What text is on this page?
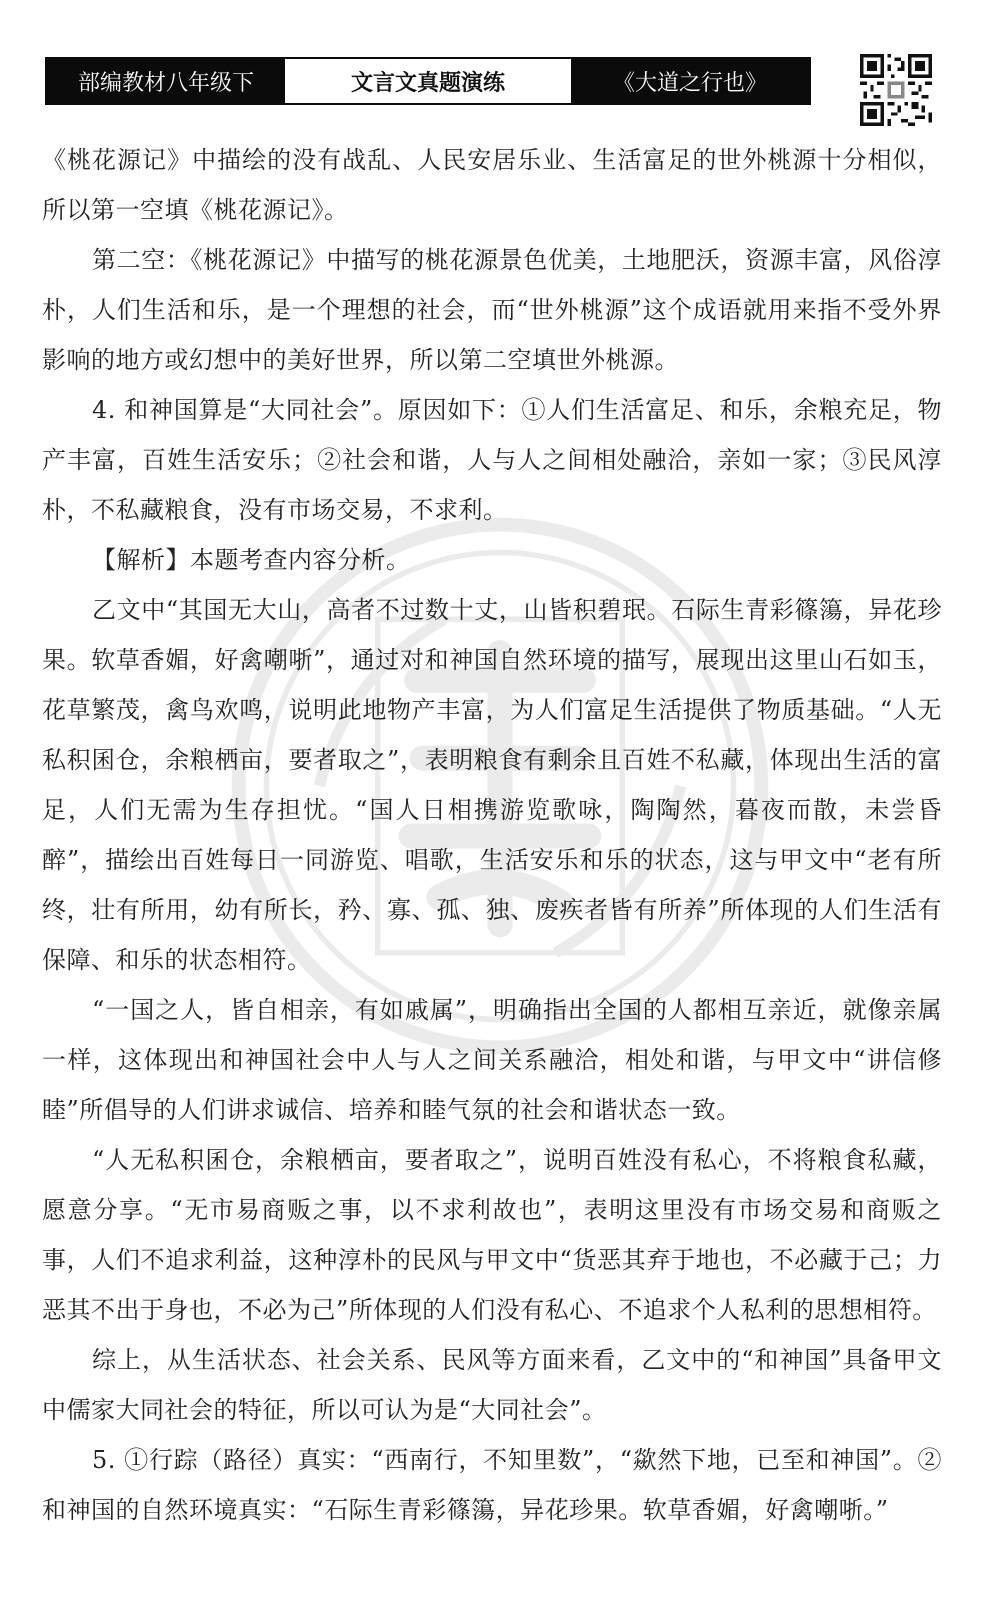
部编教材八年级下	文言文真题演练	《大道之行也》

《桃花源记》中描绘的没有战乱、人民安居乐业、生活富足的世外桃源十分相似，所以第一空填《桃花源记》。

第二空：《桃花源记》中描写的桃花源景色优美，土地肥沃，资源丰富，风俗淳朴，人们生活和乐，是一个理想的社会，而“世外桃源”这个成语就用来指不受外界影响的地方或幻想中的美好世界，所以第二空填世外桃源。

4. 和神国算是“大同社会”。原因如下：①人们生活富足、和乐，余粮充足，物产丰富，百姓生活安乐；②社会和谐，人与人之间相处融洽，亲如一家；③民风淳朴，不私藏粮食，没有市场交易，不求利。

【解析】本题考查内容分析。

乙文中“其国无大山，高者不过数十丈，山皆积碧珉。石际生青彩篠簜，异花珍果。软草香媚，好禽嘲哳”，通过对和神国自然环境的描写，展现出这里山石如玉，花草繁茂，禽鸟欢鸣，说明此地物产丰富，为人们富足生活提供了物质基础。“人无私积囷仓，余粮栖亩，要者取之”，表明粮食有剩余且百姓不私藏，体现出生活的富足，人们无需为生存担忧。“国人日相携游览歌咏，陶陶然，暮夜而散，未尝昏醉”，描绘出百姓每日一同游览、唱歌，生活安乐和乐的状态，这与甲文中“老有所终，壮有所用，幼有所长，矜、寡、孤、独、废疾者皆有所养”所体现的人们生活有保障、和乐的状态相符。

“一国之人，皆自相亲，有如戚属”，明确指出全国的人都相互亲近，就像亲属一样，这体现出和神国社会中人与人之间关系融洽，相处和谐，与甲文中“讲信修睦”所倡导的人们讲求诚信、培养和睦气氛的社会和谐状态一致。

“人无私积囷仓，余粮栖亩，要者取之”，说明百姓没有私心，不将粮食私藏，愿意分享。“无市易商贩之事，以不求利故也”，表明这里没有市场交易和商贩之事，人们不追求利益，这种淳朴的民风与甲文中“货恶其弃于地也，不必藏于己；力恶其不出于身也，不必为己”所体现的人们没有私心、不追求个人私利的思想相符。

综上，从生活状态、社会关系、民风等方面来看，乙文中的“和神国”具备甲文中儒家大同社会的特征，所以可认为是“大同社会”。

5. ①行踪（路径）真实：“西南行，不知里数”，“歘然下地，已至和神国”。②和神国的自然环境真实：“石际生青彩篠簜，异花珍果。软草香媚，好禽嘲哳。”
